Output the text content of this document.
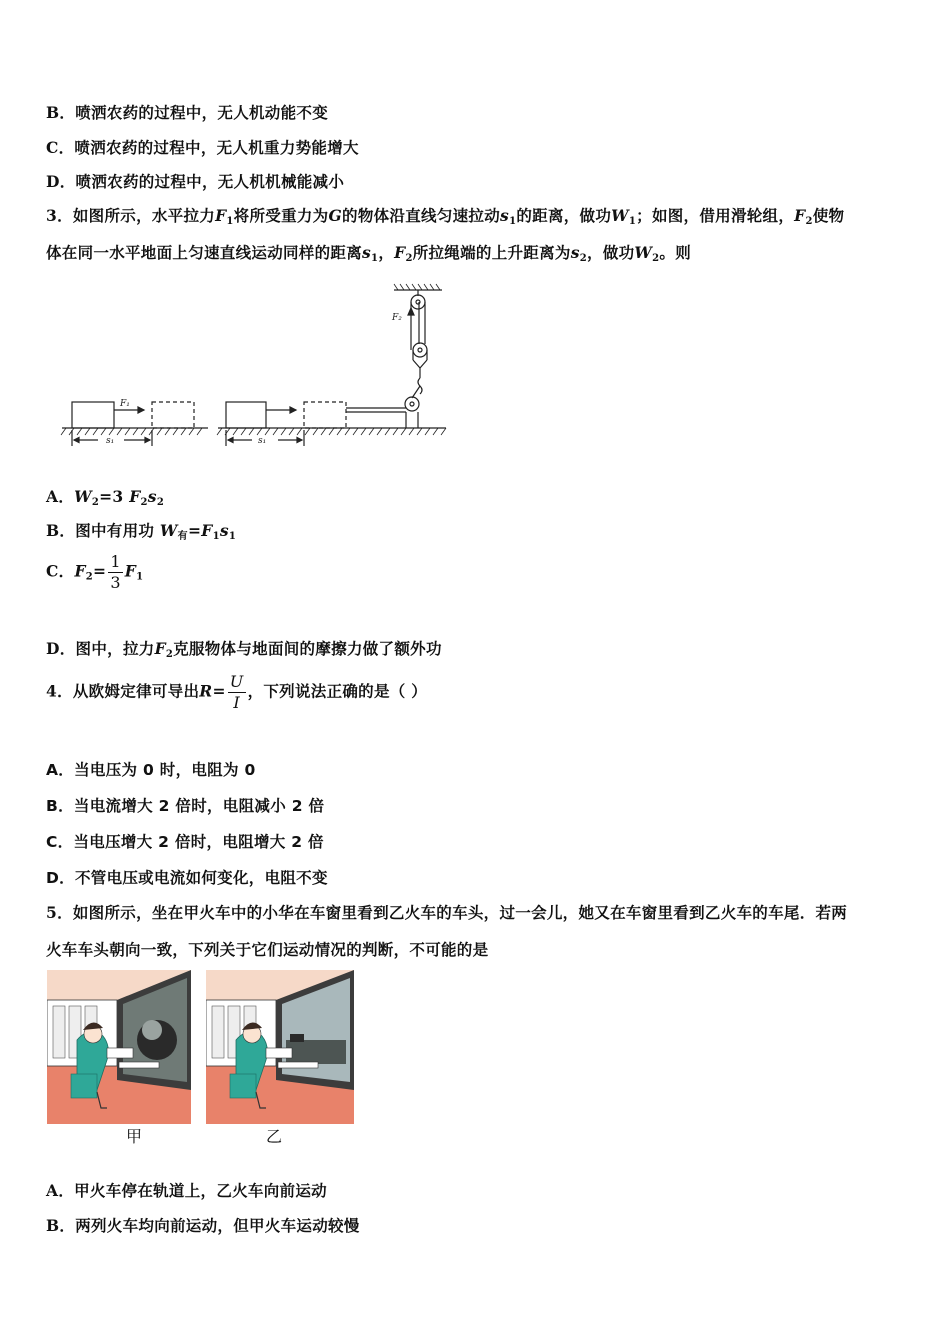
B．喷洒农药的过程中，无人机动能不变
C．喷洒农药的过程中，无人机重力势能增大
D．喷洒农药的过程中，无人机机械能减小
3．如图所示，水平拉力$F_1$将所受重力为G的物体沿直线匀速拉动$s_1$的距离，做功$W_1$；如图，借用滑轮组，$F_2$使物
体在同一水平地面上匀速直线运动同样的距离$s_1$，$F_2$所拉绳端的上升距离为$s_2$，做功$W_2$。则
F₁
F₂
s₁	s₁
A．$W_2=3$ $F_2s_2$
B．图中有用功 $W_有=F_1s_1$
C．$F_2= \frac{1}{3} F_1$
D．图中，拉力$F_2$克服物体与地面间的摩擦力做了额外功
4．从欧姆定律可导出$R= \frac{U}{I}$ ，下列说法正确的是（ ）
A．当电压为 0 时，电阻为 0
B．当电流增大 2 倍时，电阻减小 2 倍
C．当电压增大 2 倍时，电阻增大 2 倍
D．不管电压或电流如何变化，电阻不变
5．如图所示，坐在甲火车中的小华在车窗里看到乙火车的车头，过一会儿，她又在车窗里看到乙火车的车尾．若两
火车车头朝向一致，下列关于它们运动情况的判断，不可能的是
甲	乙
A．甲火车停在轨道上，乙火车向前运动
B．两列火车均向前运动，但甲火车运动较慢
